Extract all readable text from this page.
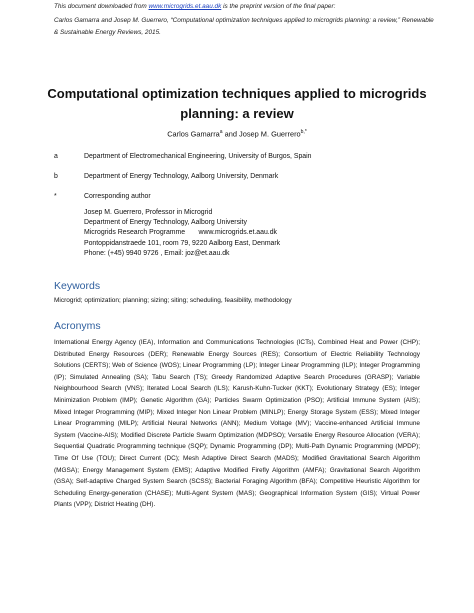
This document downloaded from www.microgrids.et.aau.dk is the preprint version of the final paper:
Carlos Gamarra and Josep M. Guerrero, “Computational optimization techniques applied to microgrids planning: a review,” Renewable & Sustainable Energy Reviews, 2015.
Computational optimization techniques applied to microgrids planning: a review
Carlos Gamarra$^a$ and Josep M. Guerrero$^{b,*}$
a	Department of Electromechanical Engineering, University of Burgos, Spain
b	Department of Energy Technology, Aalborg University, Denmark
*	Corresponding author
Josep M. Guerrero, Professor in Microgrid
Department of Energy Technology, Aalborg University
Microgrids Research Programme       www.microgrids.et.aau.dk
Pontoppidanstraede 101, room 79, 9220 Aalborg East, Denmark
Phone: (+45) 9940 9726 , Email: joz@et.aau.dk
Keywords
Microgrid; optimization; planning; sizing; siting; scheduling, feasibility, methodology
Acronyms
International Energy Agency (IEA), Information and Communications Technologies (ICTs), Combined Heat and Power (CHP); Distributed Energy Resources (DER); Renewable Energy Sources (RES); Consortium of Electric Reliability Technology Solutions (CERTS); Web of Science (WOS); Linear Programming (LP); Integer Linear Programming (ILP); Integer Programming (IP); Simulated Annealing (SA); Tabu Search (TS); Greedy Randomized Adaptive Search Procedures (GRASP); Variable Neighbourhood Search (VNS); Iterated Local Search (ILS); Karush-Kuhn-Tucker (KKT); Evolutionary Strategy (ES); Integer Minimization Problem (IMP); Genetic Algorithm (GA); Particles Swarm Optimization (PSO); Artificial Immune System (AIS); Mixed Integer Programming (MIP); Mixed Integer Non Linear Problem (MINLP); Energy Storage System (ESS); Mixed Integer Linear Programming (MILP); Artificial Neural Networks (ANN); Medium Voltage (MV); Vaccine-enhanced Artificial Immune System (Vaccine-AIS); Modified Discrete Particle Swarm Optimization (MDPSO); Versatile Energy Resource Allocation (VERA); Sequential Quadratic Programming technique (SQP); Dynamic Programming (DP); Multi-Path Dynamic Programming (MPDP); Time Of Use (TOU); Direct Current (DC); Mesh Adaptive Direct Search (MADS); Modified Gravitational Search Algorithm (MGSA); Energy Management System (EMS); Adaptive Modified Firefly Algorithm (AMFA); Gravitational Search Algorithm (GSA); Self-adaptive Charged System Search (SCSS); Bacterial Foraging Algorithm (BFA); Competitive Heuristic Algorithm for Scheduling Energy-generation (CHASE); Multi-Agent System (MAS); Geographical Information System (GIS); Virtual Power Plants (VPP); District Heating (DH).
